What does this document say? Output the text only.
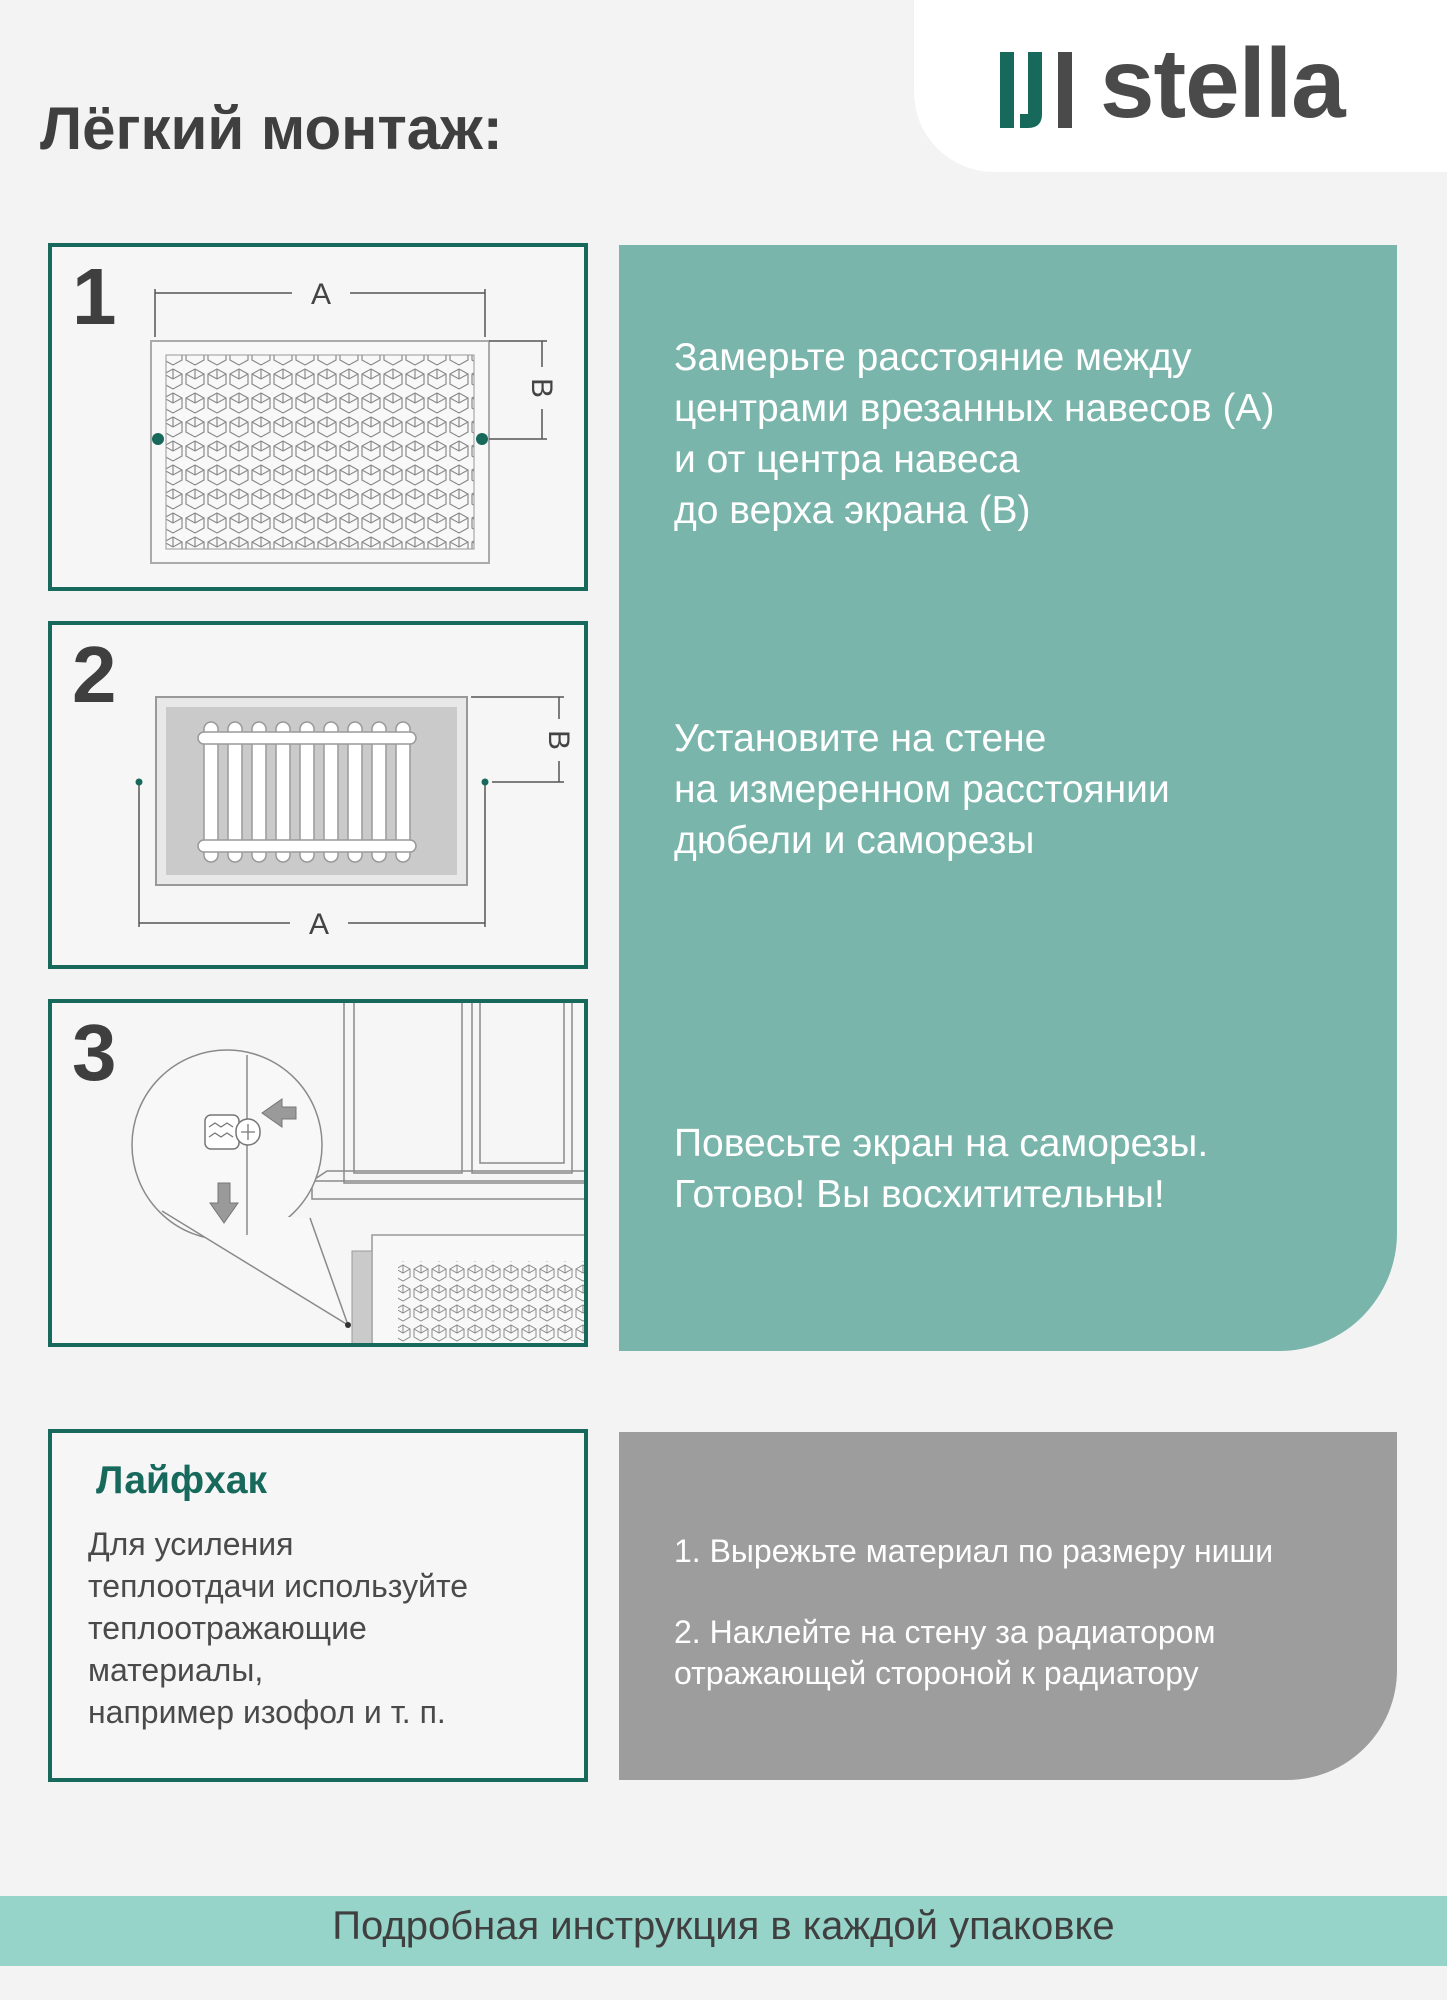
stella
Лёгкий монтаж:
1	A
B

Замерьте расстояние между
центрами врезанных навесов (A)
и от центра навеса
до верха экрана (B)

2
A
B	Установите на стене
на измеренном расстоянии
дюбели и саморезы

3

Повесьте экран на саморезы.
Готово! Вы восхитительны!

Лайфхак

Для усиления
теплоотдачи используйте
теплоотражающие
материалы,
например изофол и т. п.

1. Вырежьте материал по размеру ниши

2. Наклейте на стену за радиатором
отражающей стороной к радиатору

Подробная инструкция в каждой упаковке
